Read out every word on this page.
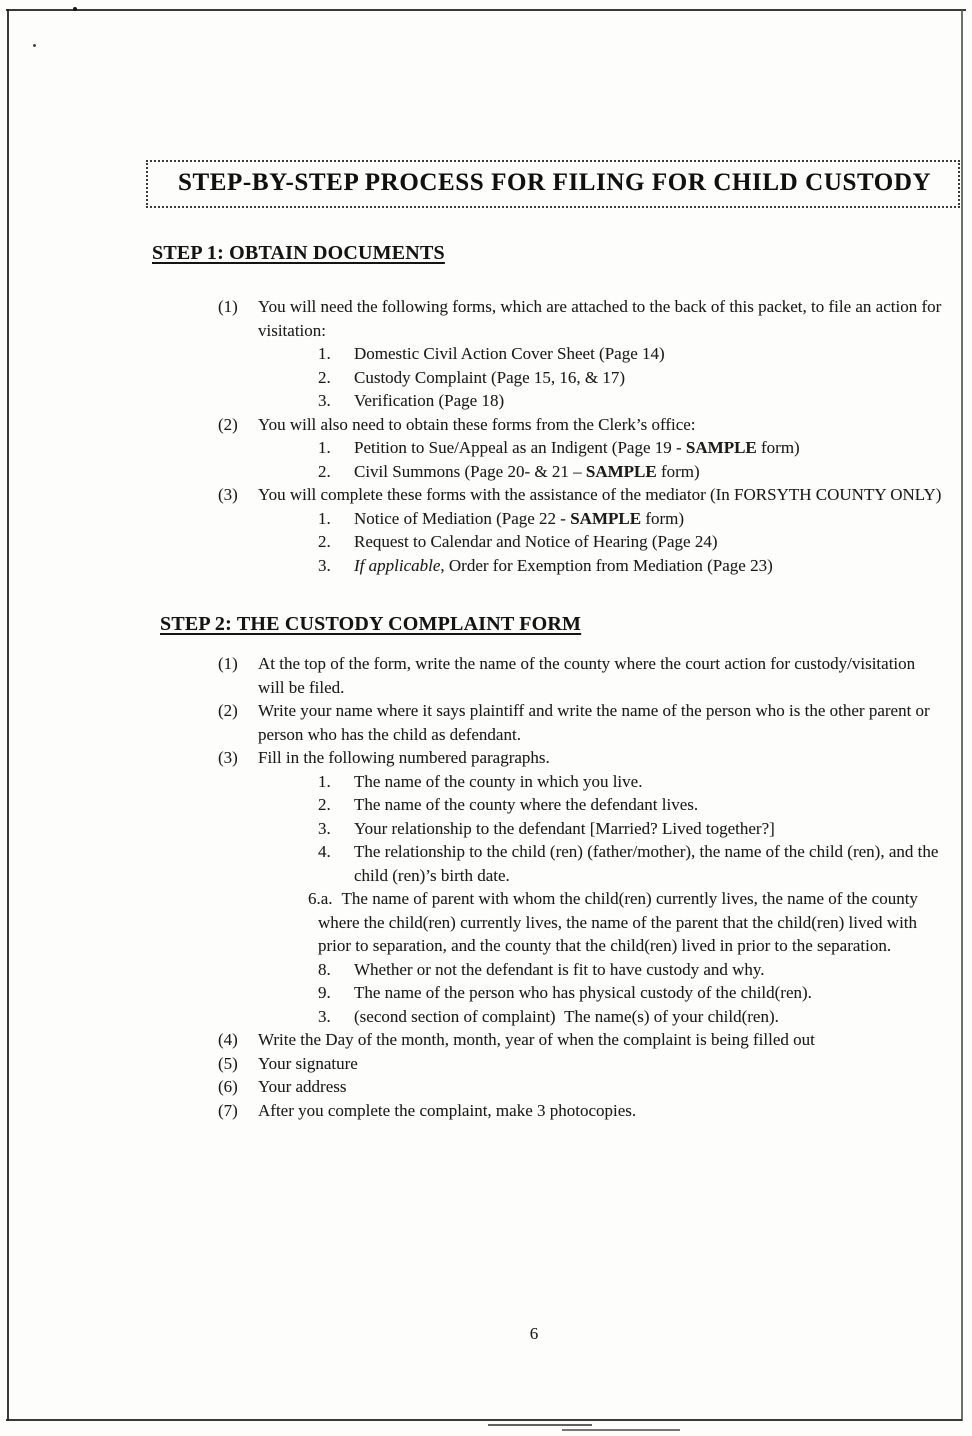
STEP-BY-STEP PROCESS FOR FILING FOR CHILD CUSTODY
STEP 1: OBTAIN DOCUMENTS
(1)	You will need the following forms, which are attached to the back of this packet, to file an action for visitation:
1.	Domestic Civil Action Cover Sheet (Page 14)
2.	Custody Complaint (Page 15, 16, & 17)
3.	Verification (Page 18)
(2)	You will also need to obtain these forms from the Clerk’s office:
1.	Petition to Sue/Appeal as an Indigent (Page 19 - SAMPLE form)
2.	Civil Summons (Page 20- & 21 – SAMPLE form)
(3)	You will complete these forms with the assistance of the mediator (In FORSYTH COUNTY ONLY)
1.	Notice of Mediation (Page 22 - SAMPLE form)
2.	Request to Calendar and Notice of Hearing (Page 24)
3.	If applicable, Order for Exemption from Mediation (Page 23)
STEP 2: THE CUSTODY COMPLAINT FORM
(1)	At the top of the form, write the name of the county where the court action for custody/visitation will be filed.
(2)	Write your name where it says plaintiff and write the name of the person who is the other parent or person who has the child as defendant.
(3)	Fill in the following numbered paragraphs.
1.	The name of the county in which you live.
2.	The name of the county where the defendant lives.
3.	Your relationship to the defendant [Married? Lived together?]
4.	The relationship to the child (ren) (father/mother), the name of the child (ren), and the child (ren)’s birth date.
6.a. The name of parent with whom the child(ren) currently lives, the name of the county where the child(ren) currently lives, the name of the parent that the child(ren) lived with prior to separation, and the county that the child(ren) lived in prior to the separation.
8.	Whether or not the defendant is fit to have custody and why.
9.	The name of the person who has physical custody of the child(ren).
3.	(second section of complaint)  The name(s) of your child(ren).
(4)	Write the Day of the month, month, year of when the complaint is being filled out
(5)	Your signature
(6)	Your address
(7)	After you complete the complaint, make 3 photocopies.
6
